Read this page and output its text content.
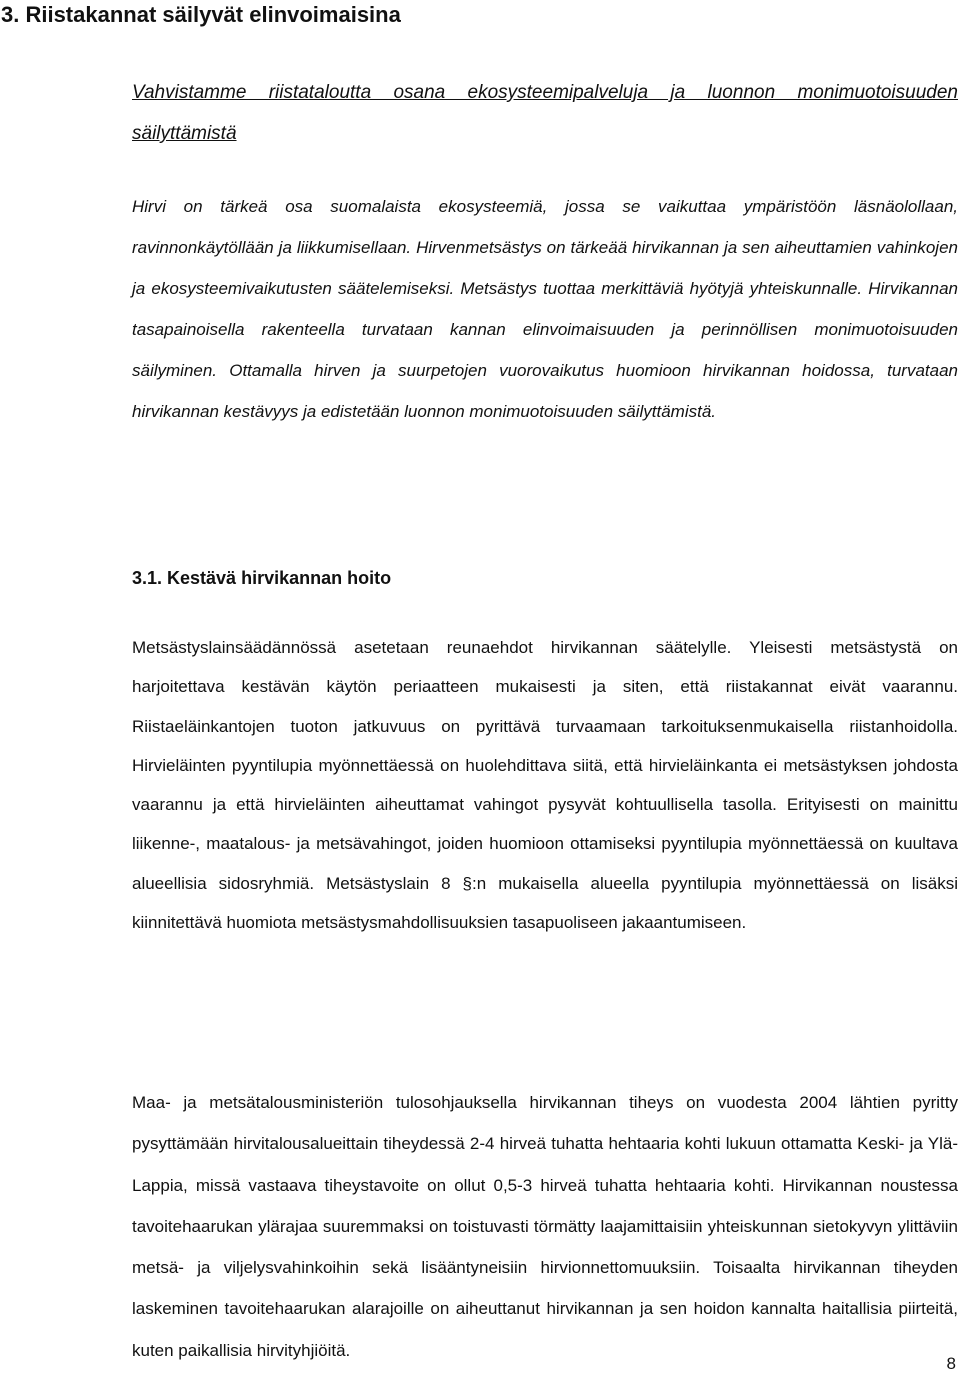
3. Riistakannat säilyvät elinvoimaisina

Vahvistamme riistataloutta osana ekosysteemipalveluja ja luonnon monimuotoisuuden säilyttämistä

Hirvi on tärkeä osa suomalaista ekosysteemiä, jossa se vaikuttaa ympäristöön läsnäolollaan, ravinnonkäytöllään ja liikkumisellaan. Hirvenmetsästys on tärkeää hirvikannan ja sen aiheuttamien vahinkojen ja ekosysteemivaikutusten säätelemiseksi. Metsästys tuottaa merkittäviä hyötyjä yhteiskunnalle. Hirvikannan tasapainoisella rakenteella turvataan kannan elinvoimaisuuden ja perinnöllisen monimuotoisuuden säilyminen. Ottamalla hirven ja suurpetojen vuorovaikutus huomioon hirvikannan hoidossa, turvataan hirvikannan kestävyys ja edistetään luonnon monimuotoisuuden säilyttämistä.

3.1. Kestävä hirvikannan hoito

Metsästyslainsäädännössä asetetaan reunaehdot hirvikannan säätelylle. Yleisesti metsästystä on harjoitettava kestävän käytön periaatteen mukaisesti ja siten, että riistakannat eivät vaarannu. Riistaeläinkantojen tuoton jatkuvuus on pyrittävä turvaamaan tarkoituksenmukaisella riistanhoidolla. Hirvieläinten pyyntilupia myönnettäessä on huolehdittava siitä, että hirvieläinkanta ei metsästyksen johdosta vaarannu ja että hirvieläinten aiheuttamat vahingot pysyvät kohtuullisella tasolla. Erityisesti on mainittu liikenne-, maatalous- ja metsävahingot, joiden huomioon ottamiseksi pyyntilupia myönnettäessä on kuultava alueellisia sidosryhmiä. Metsästyslain 8 §:n mukaisella alueella pyyntilupia myönnettäessä on lisäksi kiinnitettävä huomiota metsästysmahdollisuuksien tasapuoliseen jakaantumiseen.

Maa- ja metsätalousministeriön tulosohjauksella hirvikannan tiheys on vuodesta 2004 lähtien pyritty pysyttämään hirvitalousalueittain tiheydessä 2-4 hirveä tuhatta hehtaaria kohti lukuun ottamatta Keski- ja Ylä-Lappia, missä vastaava tiheystavoite on ollut 0,5-3 hirveä tuhatta hehtaaria kohti. Hirvikannan noustessa tavoitehaarukan ylärajaa suuremmaksi on toistuvasti törmätty laajamittaisiin yhteiskunnan sietokyvyn ylittäviin metsä- ja viljelysvahinkoihin sekä lisääntyneisiin hirvionnettomuuksiin. Toisaalta hirvikannan tiheyden laskeminen tavoitehaarukan alarajoille on aiheuttanut hirvikannan ja sen hoidon kannalta haitallisia piirteitä, kuten paikallisia hirvityhjiöitä.

8
